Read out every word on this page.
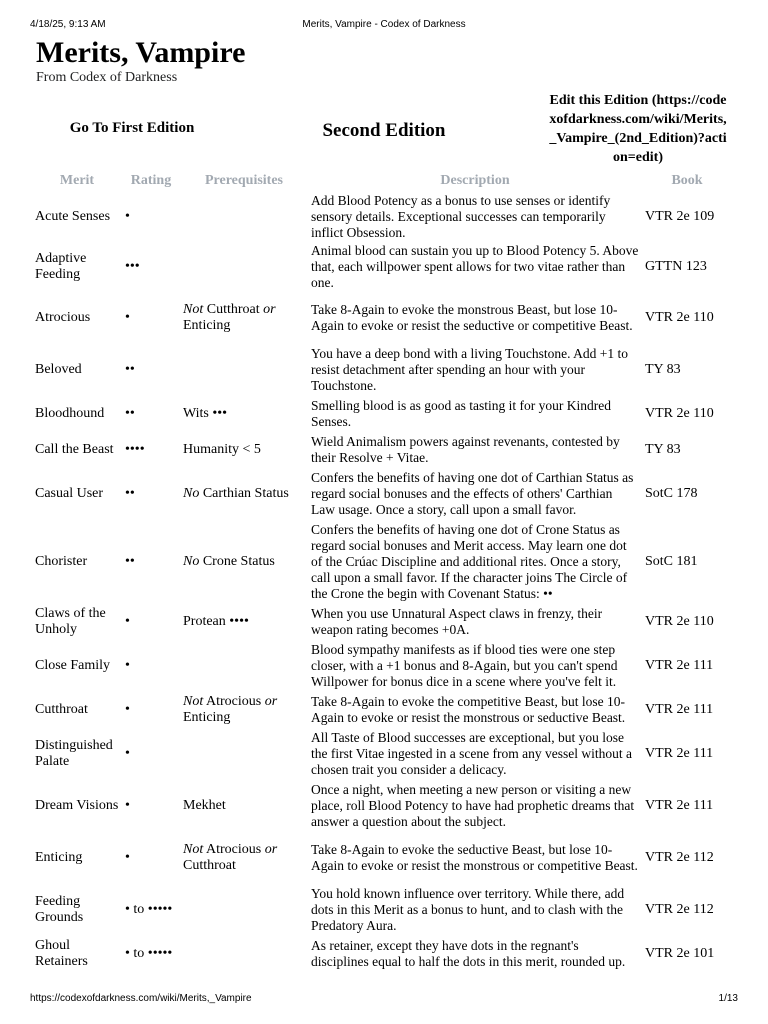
4/18/25, 9:13 AM	Merits, Vampire - Codex of Darkness
Merits, Vampire
From Codex of Darkness
Go To First Edition	Second Edition
Edit this Edition (https://codexofdarkness.com/wiki/Merits,_Vampire_(2nd_Edition)?action=edit)
Merit	Rating	Prerequisites	Description	Book
Acute Senses	•		Add Blood Potency as a bonus to use senses or identify sensory details. Exceptional successes can temporarily inflict Obsession.	VTR 2e 109
Adaptive Feeding	•••		Animal blood can sustain you up to Blood Potency 5. Above that, each willpower spent allows for two vitae rather than one.	GTTN 123
Atrocious	•	Not Cutthroat or Enticing	Take 8-Again to evoke the monstrous Beast, but lose 10-Again to evoke or resist the seductive or competitive Beast.	VTR 2e 110
Beloved	••		You have a deep bond with a living Touchstone. Add +1 to resist detachment after spending an hour with your Touchstone.	TY 83
Bloodhound	••	Wits •••	Smelling blood is as good as tasting it for your Kindred Senses.	VTR 2e 110
Call the Beast	••••	Humanity < 5	Wield Animalism powers against revenants, contested by their Resolve + Vitae.	TY 83
Casual User	••	No Carthian Status	Confers the benefits of having one dot of Carthian Status as regard social bonuses and the effects of others' Carthian Law usage. Once a story, call upon a small favor.	SotC 178
Chorister	••	No Crone Status	Confers the benefits of having one dot of Crone Status as regard social bonuses and Merit access. May learn one dot of the Crúac Discipline and additional rites. Once a story, call upon a small favor. If the character joins The Circle of the Crone the begin with Covenant Status: ••	SotC 181
Claws of the Unholy	•	Protean ••••	When you use Unnatural Aspect claws in frenzy, their weapon rating becomes +0A.	VTR 2e 110
Close Family	•		Blood sympathy manifests as if blood ties were one step closer, with a +1 bonus and 8-Again, but you can't spend Willpower for bonus dice in a scene where you've felt it.	VTR 2e 111
Cutthroat	•	Not Atrocious or Enticing	Take 8-Again to evoke the competitive Beast, but lose 10-Again to evoke or resist the monstrous or seductive Beast.	VTR 2e 111
Distinguished Palate	•		All Taste of Blood successes are exceptional, but you lose the first Vitae ingested in a scene from any vessel without a chosen trait you consider a delicacy.	VTR 2e 111
Dream Visions	•	Mekhet	Once a night, when meeting a new person or visiting a new place, roll Blood Potency to have had prophetic dreams that answer a question about the subject.	VTR 2e 111
Enticing	•	Not Atrocious or Cutthroat	Take 8-Again to evoke the seductive Beast, but lose 10-Again to evoke or resist the monstrous or competitive Beast.	VTR 2e 112
Feeding Grounds	• to •••••		You hold known influence over territory. While there, add dots in this Merit as a bonus to hunt, and to clash with the Predatory Aura.	VTR 2e 112
Ghoul Retainers	• to •••••		As retainer, except they have dots in the regnant's disciplines equal to half the dots in this merit, rounded up.	VTR 2e 101
https://codexofdarkness.com/wiki/Merits,_Vampire	1/13
